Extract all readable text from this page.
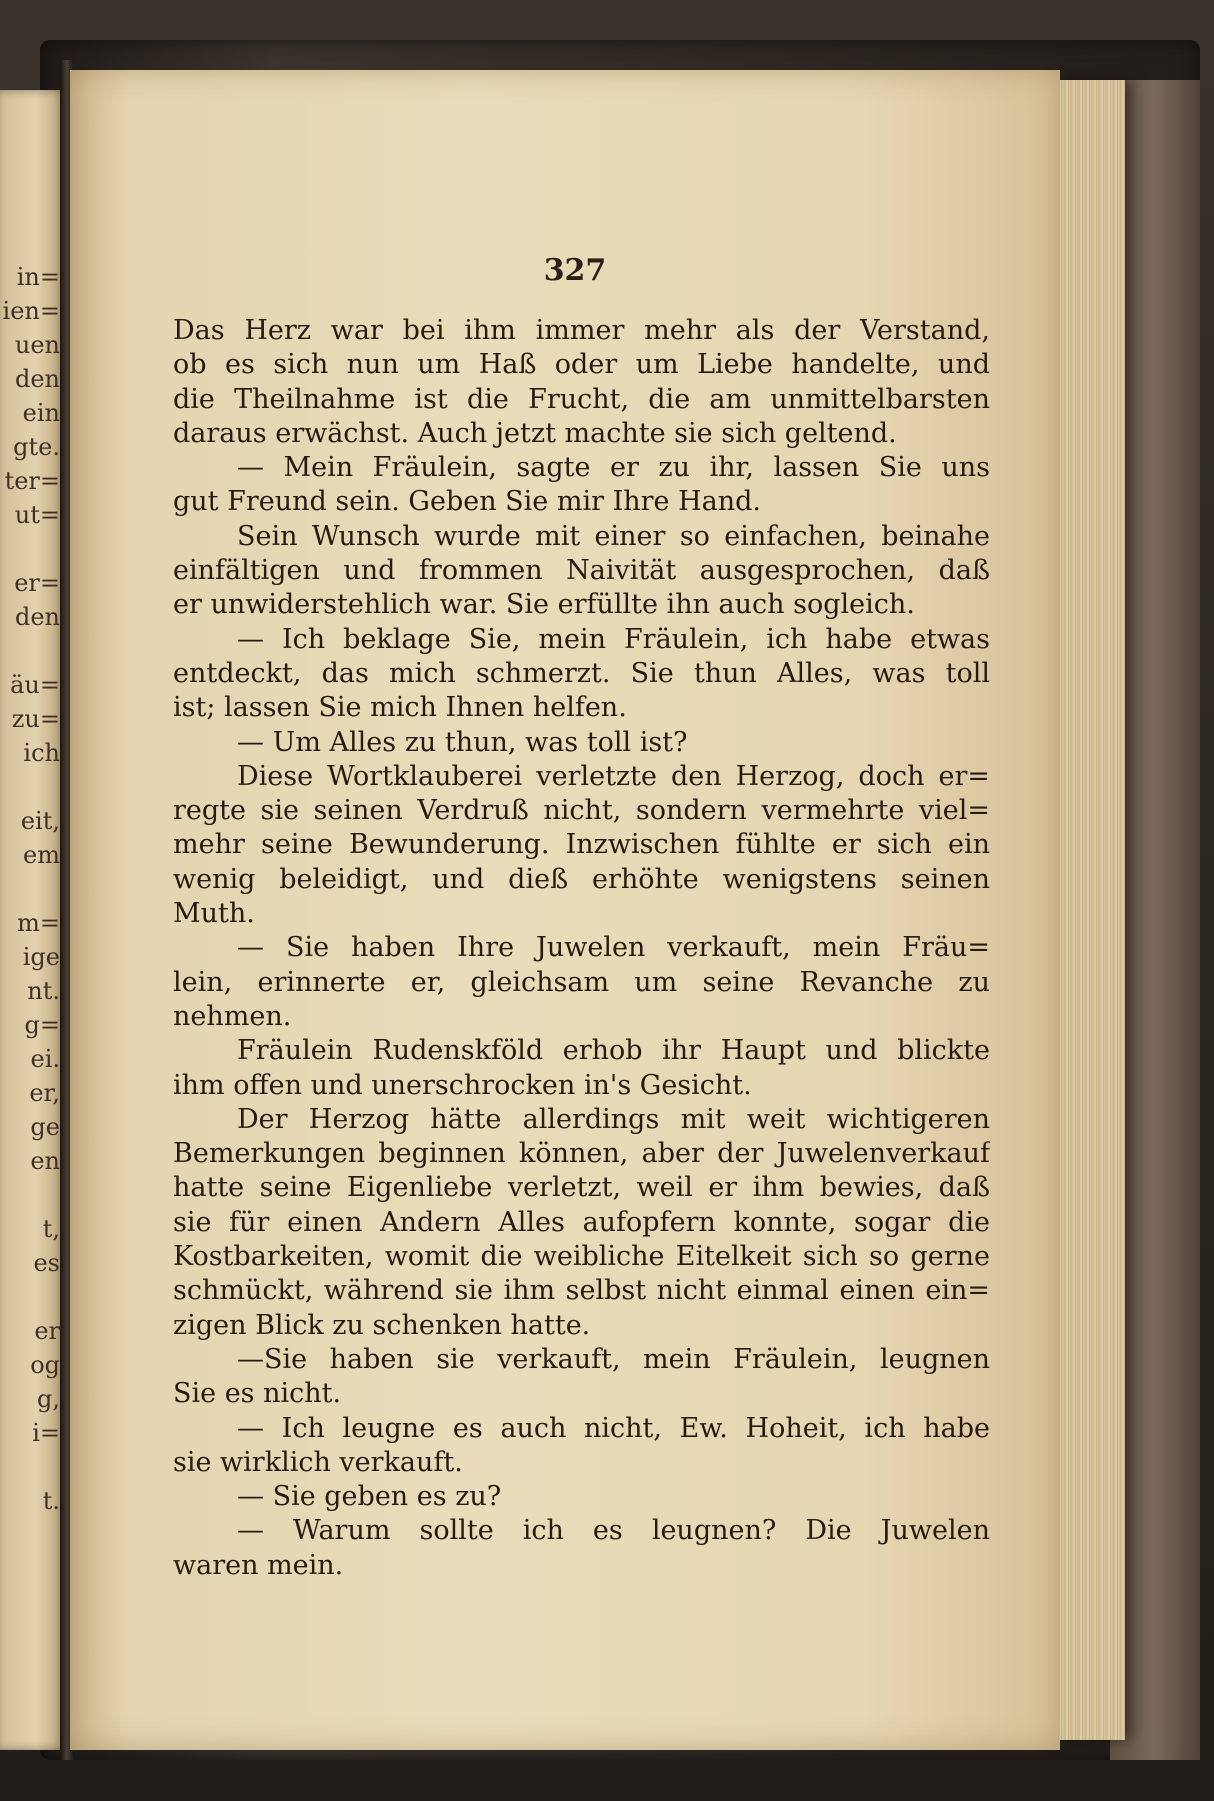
in=
ien=
uen
den
ein
gte.
ter=
ut=
er=
den
äu=
zu=
ich
eit,
em
m=
ige
nt.
g=
ei.
er,
ge
en
t,
es
er
og
g,
i=
t.
327
Das Herz war bei ihm immer mehr als der Verstand,
ob es sich nun um Haß oder um Liebe handelte, und
die Theilnahme ist die Frucht, die am unmittelbarsten
daraus erwächst. Auch jetzt machte sie sich geltend.
— Mein Fräulein, sagte er zu ihr, lassen Sie uns
gut Freund sein. Geben Sie mir Ihre Hand.
Sein Wunsch wurde mit einer so einfachen, beinahe
einfältigen und frommen Naivität ausgesprochen, daß
er unwiderstehlich war. Sie erfüllte ihn auch sogleich.
— Ich beklage Sie, mein Fräulein, ich habe etwas
entdeckt, das mich schmerzt. Sie thun Alles, was toll
ist; lassen Sie mich Ihnen helfen.
— Um Alles zu thun, was toll ist?
Diese Wortklauberei verletzte den Herzog, doch er=
regte sie seinen Verdruß nicht, sondern vermehrte viel=
mehr seine Bewunderung. Inzwischen fühlte er sich ein
wenig beleidigt, und dieß erhöhte wenigstens seinen
Muth.
— Sie haben Ihre Juwelen verkauft, mein Fräu=
lein, erinnerte er, gleichsam um seine Revanche zu
nehmen.
Fräulein Rudenskföld erhob ihr Haupt und blickte
ihm offen und unerschrocken in's Gesicht.
Der Herzog hätte allerdings mit weit wichtigeren
Bemerkungen beginnen können, aber der Juwelenverkauf
hatte seine Eigenliebe verletzt, weil er ihm bewies, daß
sie für einen Andern Alles aufopfern konnte, sogar die
Kostbarkeiten, womit die weibliche Eitelkeit sich so gerne
schmückt, während sie ihm selbst nicht einmal einen ein=
zigen Blick zu schenken hatte.
—Sie haben sie verkauft, mein Fräulein, leugnen
Sie es nicht.
— Ich leugne es auch nicht, Ew. Hoheit, ich habe
sie wirklich verkauft.
— Sie geben es zu?
— Warum sollte ich es leugnen? Die Juwelen
waren mein.
